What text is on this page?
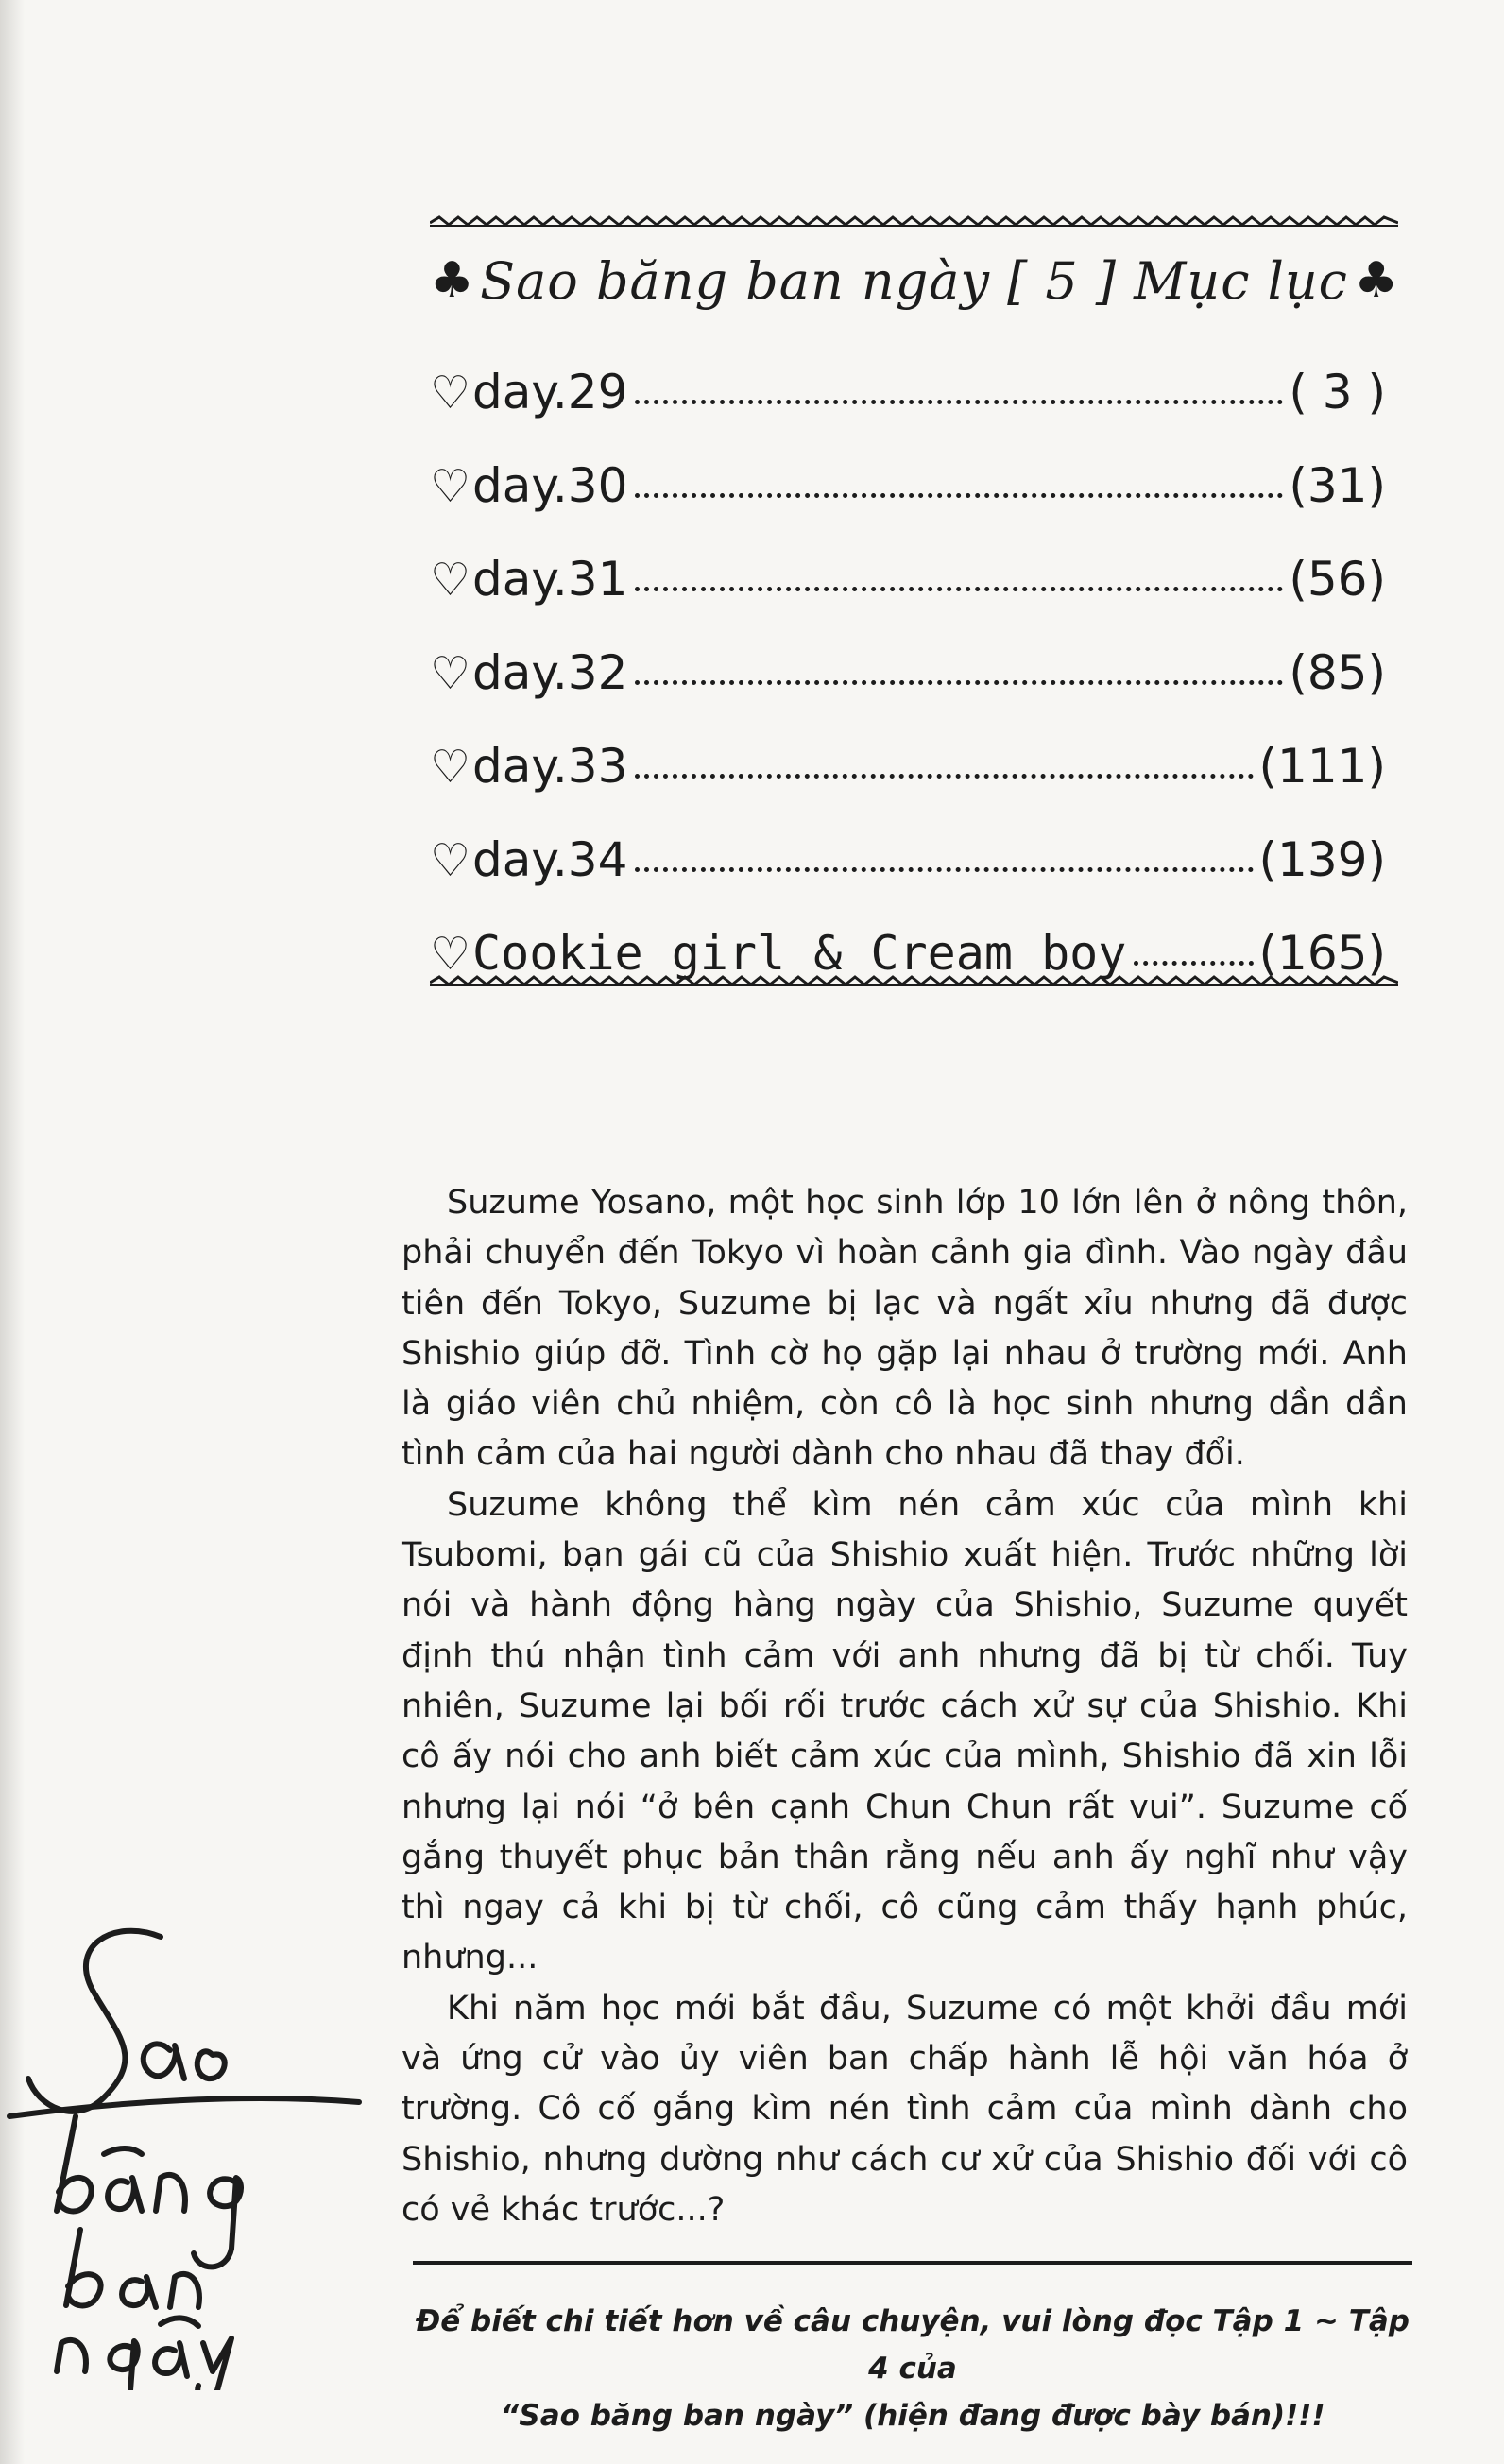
♣ Sao băng ban ngày [ 5 ] Mục lục ♣
♡ day.29	( 3 )
♡ day.30	(31)
♡ day.31	(56)
♡ day.32	(85)
♡ day.33	(111)
♡ day.34	(139)
♡ Cookie girl & Cream boy	(165)

Suzume Yosano, một học sinh lớp 10 lớn lên ở nông thôn, phải chuyển đến Tokyo vì hoàn cảnh gia đình. Vào ngày đầu tiên đến Tokyo, Suzume bị lạc và ngất xỉu nhưng đã được Shishio giúp đỡ. Tình cờ họ gặp lại nhau ở trường mới. Anh là giáo viên chủ nhiệm, còn cô là học sinh nhưng dần dần tình cảm của hai người dành cho nhau đã thay đổi.

Suzume không thể kìm nén cảm xúc của mình khi Tsubomi, bạn gái cũ của Shishio xuất hiện. Trước những lời nói và hành động hàng ngày của Shishio, Suzume quyết định thú nhận tình cảm với anh nhưng đã bị từ chối. Tuy nhiên, Suzume lại bối rối trước cách xử sự của Shishio. Khi cô ấy nói cho anh biết cảm xúc của mình, Shishio đã xin lỗi nhưng lại nói “ở bên cạnh Chun Chun rất vui”. Suzume cố gắng thuyết phục bản thân rằng nếu anh ấy nghĩ như vậy thì ngay cả khi bị từ chối, cô cũng cảm thấy hạnh phúc, nhưng...

Khi năm học mới bắt đầu, Suzume có một khởi đầu mới và ứng cử vào ủy viên ban chấp hành lễ hội văn hóa ở trường. Cô cố gắng kìm nén tình cảm của mình dành cho Shishio, nhưng dường như cách cư xử của Shishio đối với cô có vẻ khác trước...?

Để biết chi tiết hơn về câu chuyện, vui lòng đọc Tập 1 ~ Tập 4 của
“Sao băng ban ngày” (hiện đang được bày bán)!!!
